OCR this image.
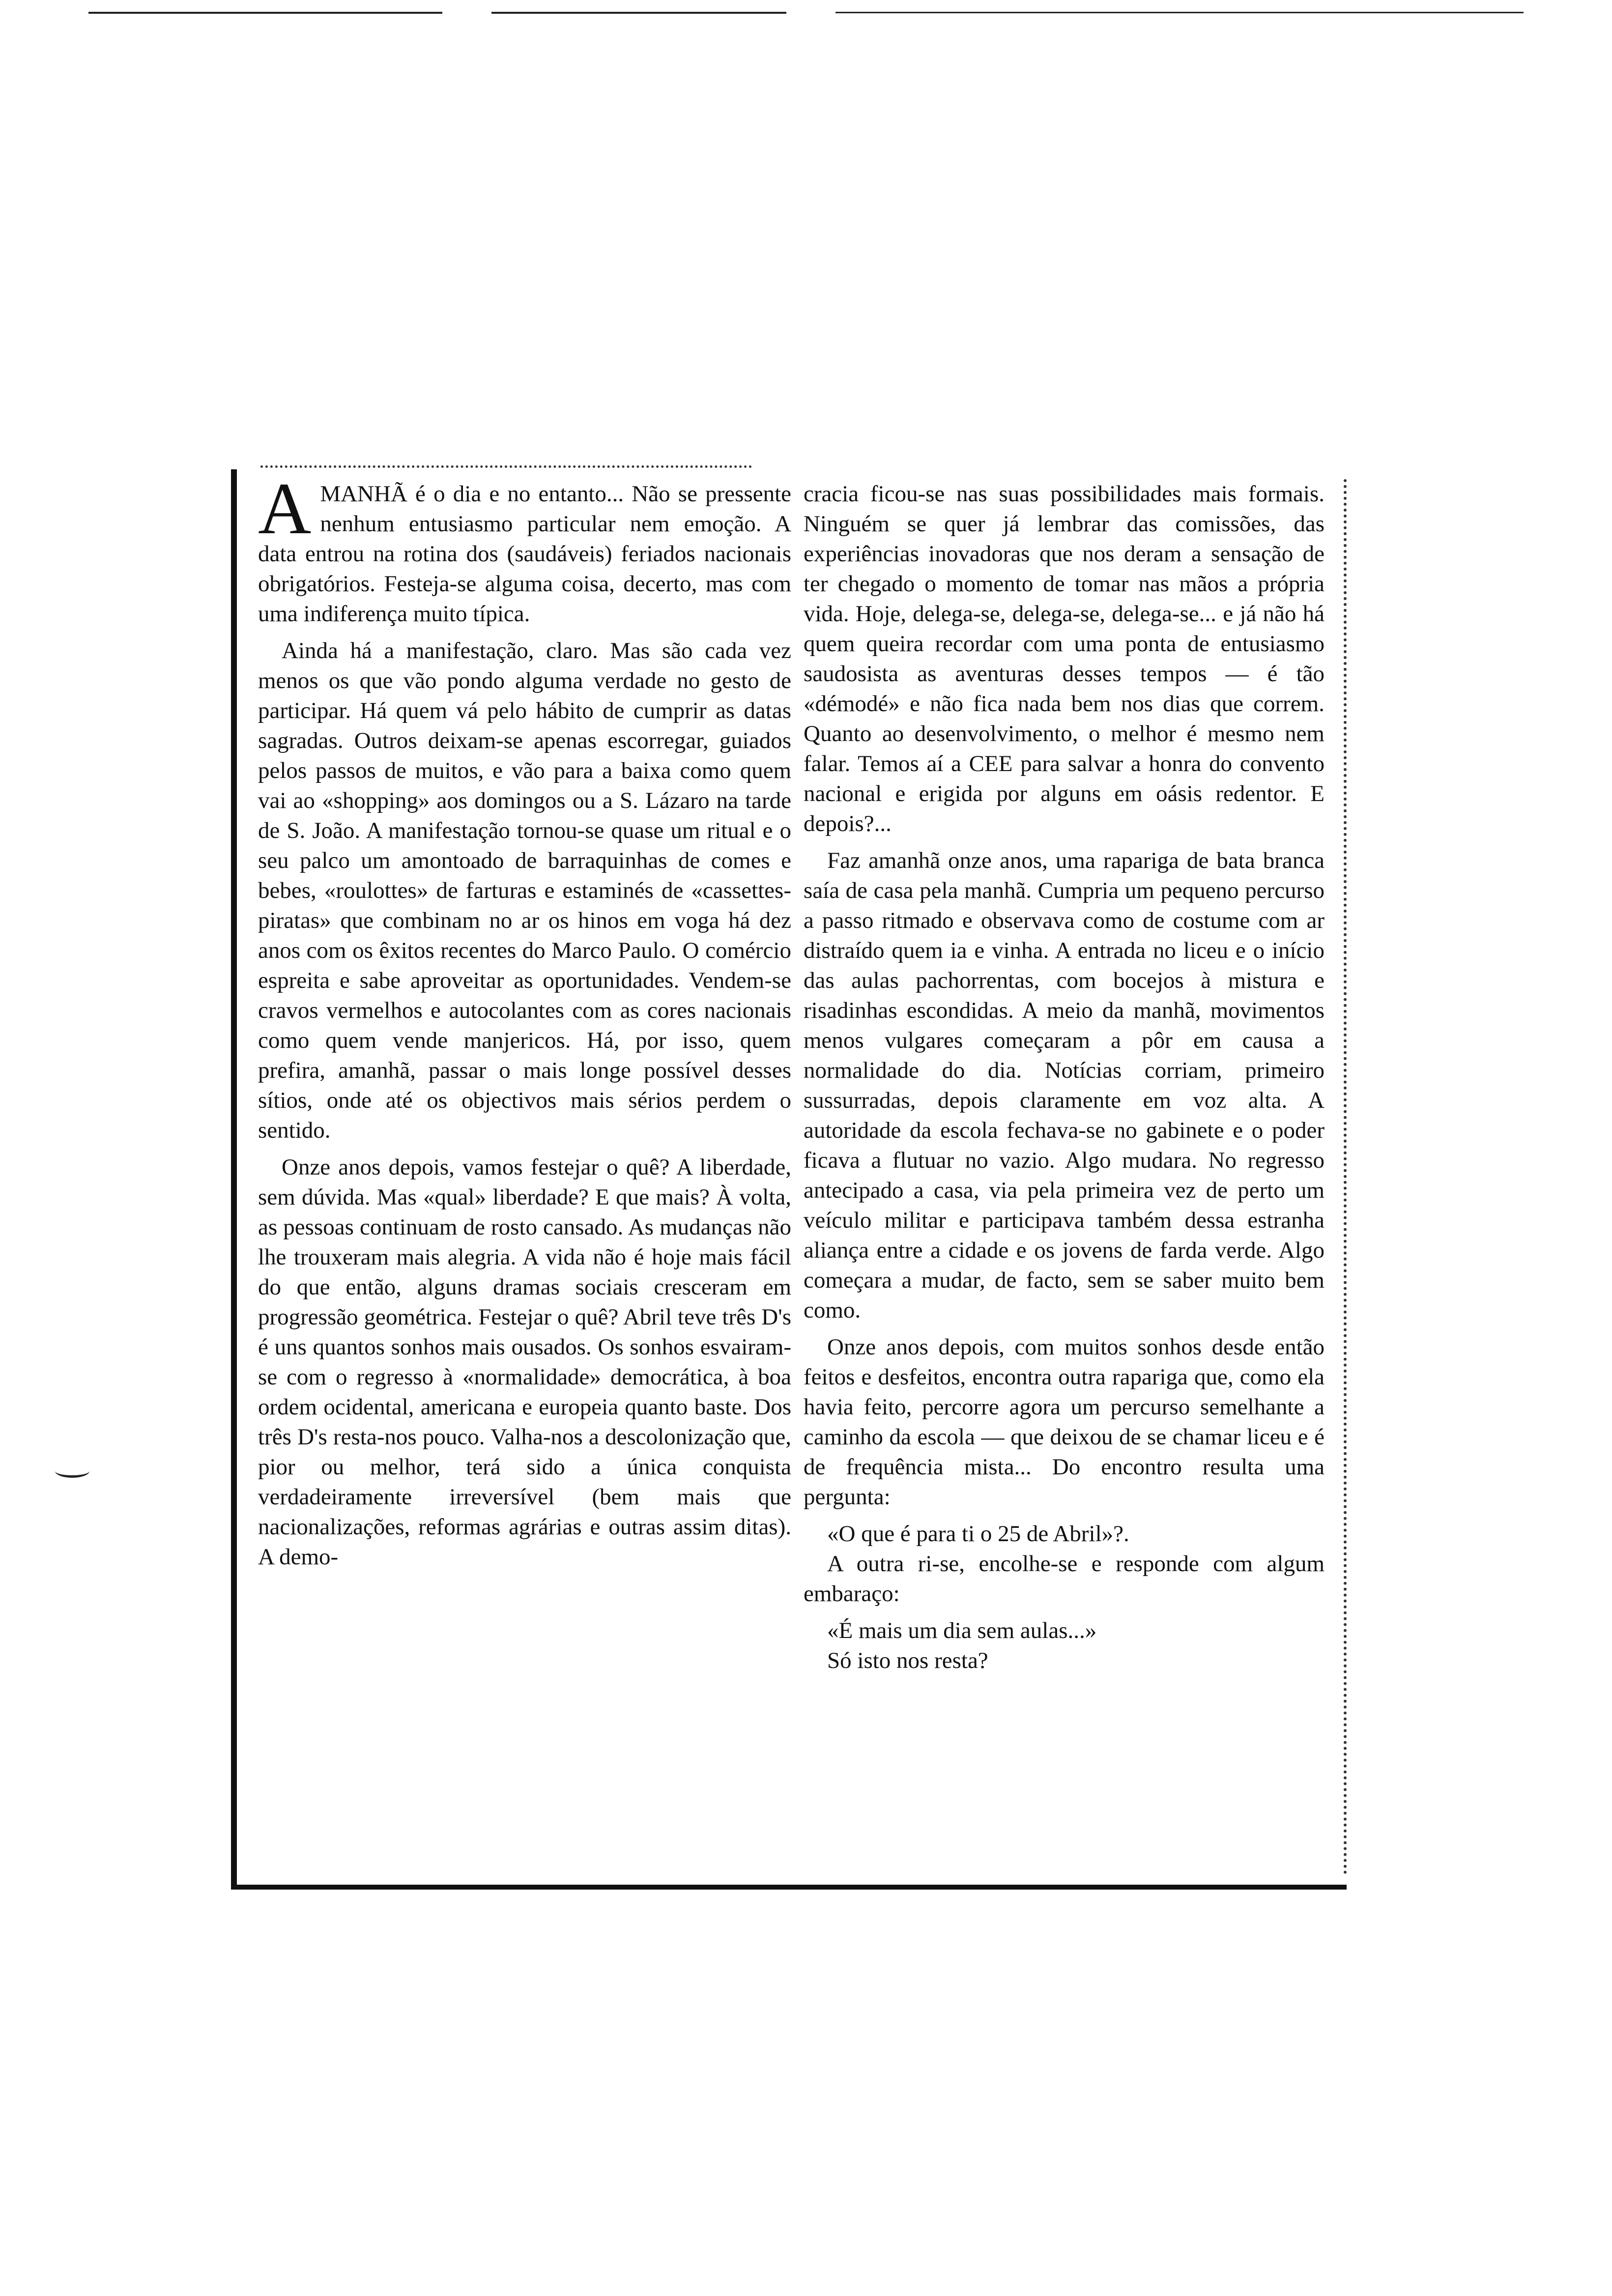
AMANHÃ é o dia e no entanto... Não se pressente nenhum entusiasmo particular nem emoção. A data entrou na rotina dos (saudáveis) feriados nacionais obrigatórios. Festeja-se alguma coisa, decerto, mas com uma indiferença muito típica.

Ainda há a manifestação, claro. Mas são cada vez menos os que vão pondo alguma verdade no gesto de participar. Há quem vá pelo hábito de cumprir as datas sagradas. Outros deixam-se apenas escorregar, guiados pelos passos de muitos, e vão para a baixa como quem vai ao «shopping» aos domingos ou a S. Lázaro na tarde de S. João. A manifestação tornou-se quase um ritual e o seu palco um amontoado de barraquinhas de comes e bebes, «roulottes» de farturas e estaminés de «cassettes-piratas» que combinam no ar os hinos em voga há dez anos com os êxitos recentes do Marco Paulo. O comércio espreita e sabe aproveitar as oportunidades. Vendem-se cravos vermelhos e autocolantes com as cores nacionais como quem vende manjericos. Há, por isso, quem prefira, amanhã, passar o mais longe possível desses sítios, onde até os objectivos mais sérios perdem o sentido.

Onze anos depois, vamos festejar o quê? A liberdade, sem dúvida. Mas «qual» liberdade? E que mais? À volta, as pessoas continuam de rosto cansado. As mudanças não lhe trouxeram mais alegria. A vida não é hoje mais fácil do que então, alguns dramas sociais cresceram em progressão geométrica. Festejar o quê? Abril teve três D's é uns quantos sonhos mais ousados. Os sonhos esvairam-se com o regresso à «normalidade» democrática, à boa ordem ocidental, americana e europeia quanto baste. Dos três D's resta-nos pouco. Valha-nos a descolonização que, pior ou melhor, terá sido a única conquista verdadeiramente irreversível (bem mais que nacionalizações, reformas agrárias e outras assim ditas). A demo-

cracia ficou-se nas suas possibilidades mais formais. Ninguém se quer já lembrar das comissões, das experiências inovadoras que nos deram a sensação de ter chegado o momento de tomar nas mãos a própria vida. Hoje, delega-se, delega-se, delega-se... e já não há quem queira recordar com uma ponta de entusiasmo saudosista as aventuras desses tempos — é tão «démodé» e não fica nada bem nos dias que correm. Quanto ao desenvolvimento, o melhor é mesmo nem falar. Temos aí a CEE para salvar a honra do convento nacional e erigida por alguns em oásis redentor. E depois?...

Faz amanhã onze anos, uma rapariga de bata branca saía de casa pela manhã. Cumpria um pequeno percurso a passo ritmado e observava como de costume com ar distraído quem ia e vinha. A entrada no liceu e o início das aulas pachorrentas, com bocejos à mistura e risadinhas escondidas. A meio da manhã, movimentos menos vulgares começaram a pôr em causa a normalidade do dia. Notícias corriam, primeiro sussurradas, depois claramente em voz alta. A autoridade da escola fechava-se no gabinete e o poder ficava a flutuar no vazio. Algo mudara. No regresso antecipado a casa, via pela primeira vez de perto um veículo militar e participava também dessa estranha aliança entre a cidade e os jovens de farda verde. Algo começara a mudar, de facto, sem se saber muito bem como.

Onze anos depois, com muitos sonhos desde então feitos e desfeitos, encontra outra rapariga que, como ela havia feito, percorre agora um percurso semelhante a caminho da escola — que deixou de se chamar liceu e é de frequência mista... Do encontro resulta uma pergunta:

«O que é para ti o 25 de Abril»?.

A outra ri-se, encolhe-se e responde com algum embaraço:

«É mais um dia sem aulas...»

Só isto nos resta?
